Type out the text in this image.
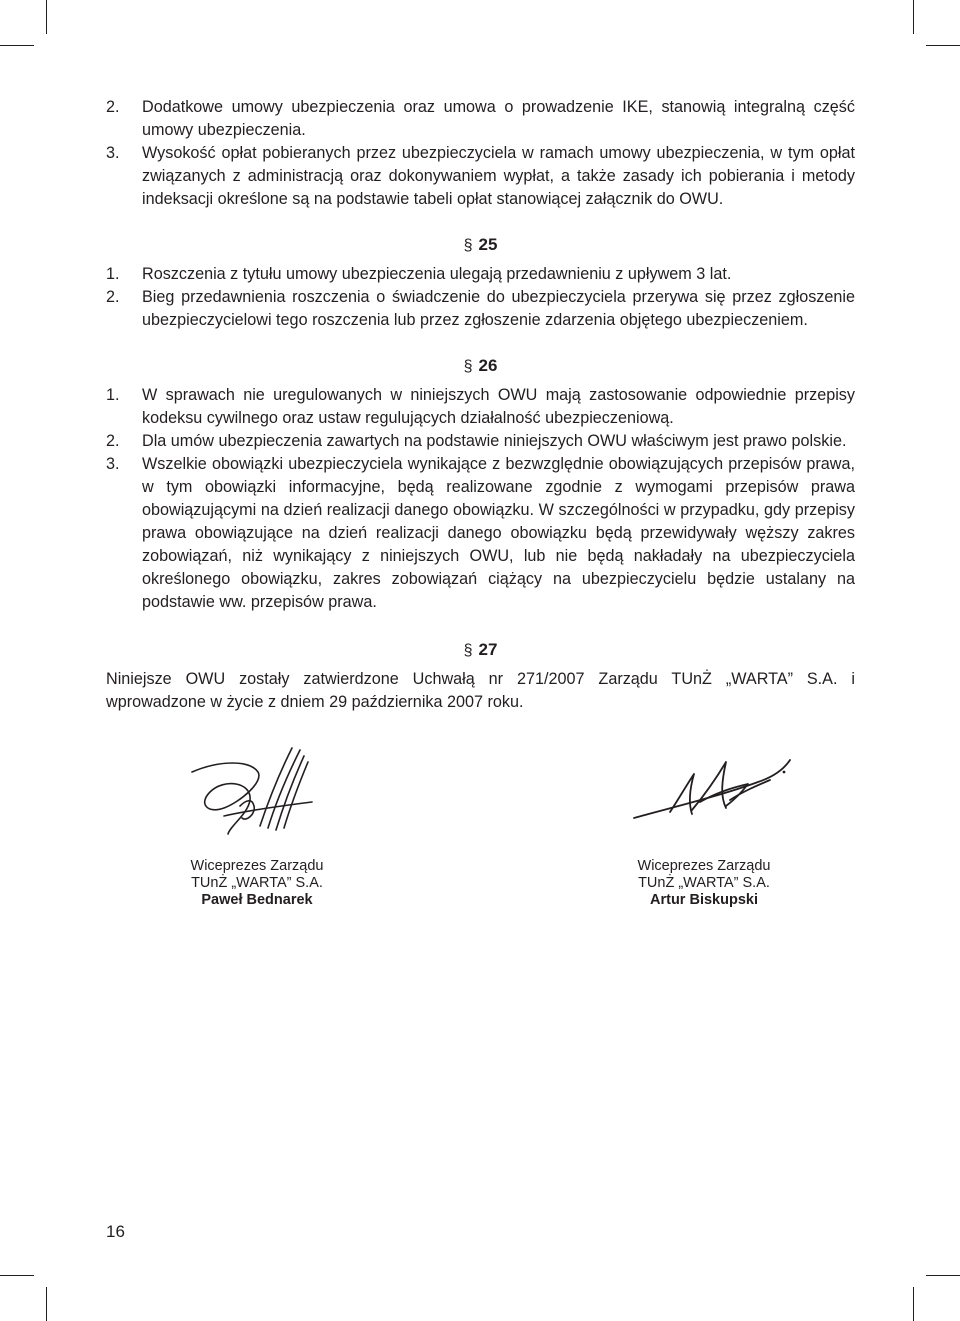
2. Dodatkowe umowy ubezpieczenia oraz umowa o prowadzenie IKE, stanowią integralną część umowy ubezpieczenia.
3. Wysokość opłat pobieranych przez ubezpieczyciela w ramach umowy ubezpieczenia, w tym opłat związanych z administracją oraz dokonywaniem wypłat, a także zasady ich pobierania i metody indeksacji określone są na podstawie tabeli opłat stanowiącej załącznik do OWU.
§ 25
1. Roszczenia z tytułu umowy ubezpieczenia ulegają przedawnieniu z upływem 3 lat.
2. Bieg przedawnienia roszczenia o świadczenie do ubezpieczyciela przerywa się przez zgłoszenie ubezpieczycielowi tego roszczenia lub przez zgłoszenie zdarzenia objętego ubezpieczeniem.
§ 26
1. W sprawach nie uregulowanych w niniejszych OWU mają zastosowanie odpowiednie przepisy kodeksu cywilnego oraz ustaw regulujących działalność ubezpieczeniową.
2. Dla umów ubezpieczenia zawartych na podstawie niniejszych OWU właściwym jest prawo polskie.
3. Wszelkie obowiązki ubezpieczyciela wynikające z bezwzględnie obowiązujących przepisów prawa, w tym obowiązki informacyjne, będą realizowane zgodnie z wymogami przepisów prawa obowiązującymi na dzień realizacji danego obowiązku. W szczególności w przypadku, gdy przepisy prawa obowiązujące na dzień realizacji danego obowiązku będą przewidywały węższy zakres zobowiązań, niż wynikający z niniejszych OWU, lub nie będą nakładały na ubezpieczyciela określonego obowiązku, zakres zobowiązań ciążący na ubezpieczycielu będzie ustalany na podstawie ww. przepisów prawa.
§ 27
Niniejsze OWU zostały zatwierdzone Uchwałą nr 271/2007 Zarządu TUnŻ „WARTA” S.A. i wprowadzone w życie z dniem 29 października 2007 roku.
Wiceprezes Zarządu
TUnŻ „WARTA” S.A.
Paweł Bednarek
Wiceprezes Zarządu
TUnŻ „WARTA” S.A.
Artur Biskupski
16
